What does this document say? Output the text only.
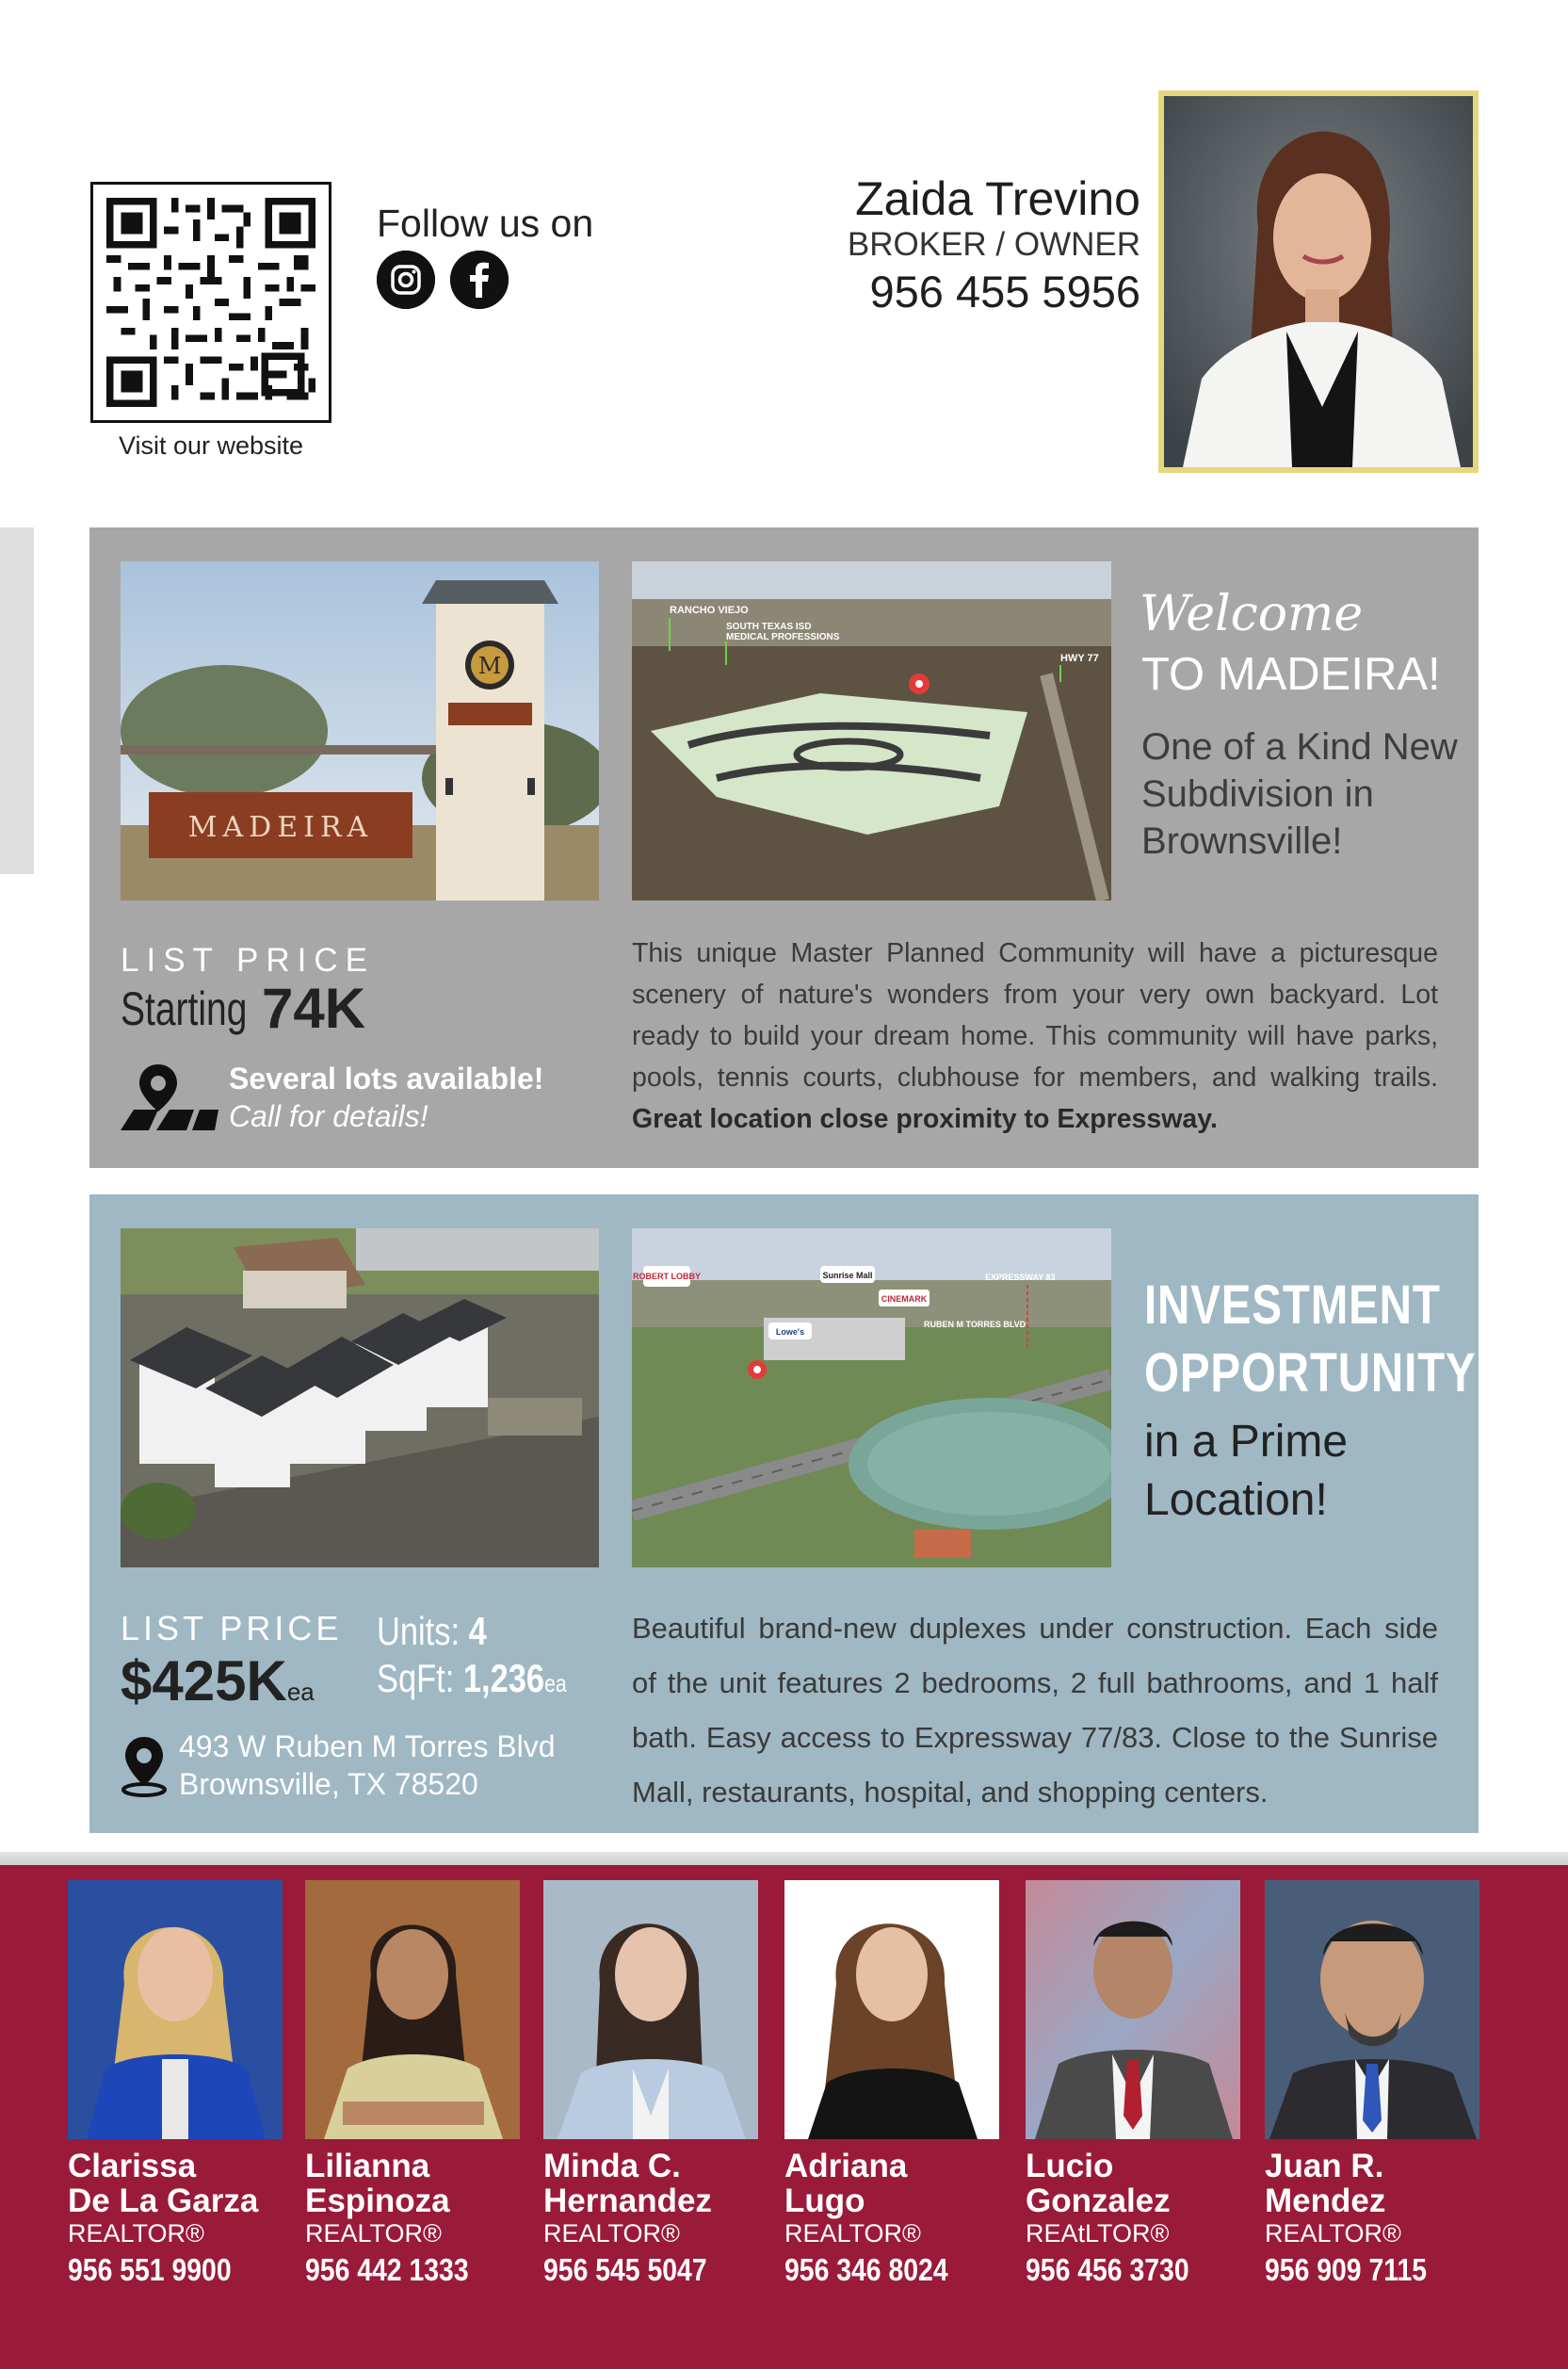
Visit our website
Follow us on	Zaida Trevino
BROKER / OWNER
956 455 5956
MADEIRA
M
RANCHO VIEJO
SOUTH TEXAS ISD
MEDICAL PROFESSIONS
HWY 77
Welcome
TO MADEIRA!
One of a Kind New Subdivision in Brownsville!
LIST PRICE
Starting 74K
Several lots available!
Call for details!
This unique Master Planned Community will have a picturesque scenery of nature's wonders from your very own backyard. Lot ready to build your dream home. This community will have parks, pools, tennis courts, clubhouse for members, and walking trails. Great location close proximity to Expressway.
ROBERT LOBBY	Sunrise Mall
CINEMARK
EXPRESSWAY 83
Lowe's
RUBEN M TORRES BLVD INVESTMENT
OPPORTUNITY
in a Prime
Location!
LIST PRICE
$425Kea
Units: 4
SqFt: 1,236ea
493 W Ruben M Torres Blvd
Brownsville, TX 78520
Beautiful brand-new duplexes under construction. Each side of the unit features 2 bedrooms, 2 full bathrooms, and 1 half bath. Easy access to Expressway 77/83. Close to the Sunrise Mall, restaurants, hospital, and shopping centers.
Clarissa
De La Garza
REALTOR®
956 551 9900
Lilianna
Espinoza
REALTOR®
956 442 1333
Minda C.
Hernandez
REALTOR®
956 545 5047
Adriana
Lugo
REALTOR®
956 346 8024
Lucio
Gonzalez
REAtLTOR®
956 456 3730
Juan R.
Mendez
REALTOR®
956 909 7115
